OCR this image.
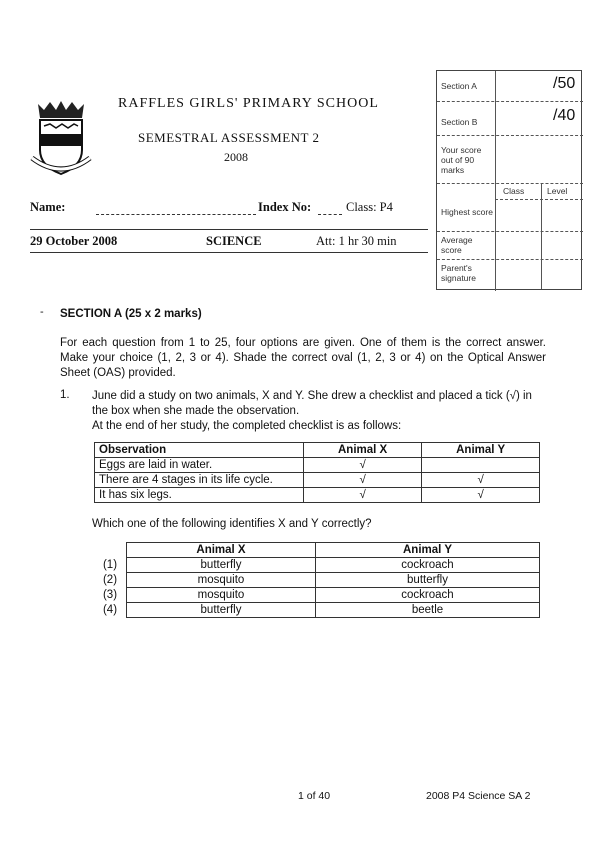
RAFFLES GIRLS' PRIMARY SCHOOL
SEMESTRAL ASSESSMENT 2
2008
Name:	Index No:	Class: P4
29 October 2008	SCIENCE	Att: 1 hr 30 min
Section A	/50
Section B	/40
Your score out of 90 marks
Class	Level
Highest score
Average score
Parent's signature
- SECTION A (25 x 2 marks)
For each question from 1 to 25, four options are given. One of them is the correct answer. Make your choice (1, 2, 3 or 4). Shade the correct oval (1, 2, 3 or 4) on the Optical Answer Sheet (OAS) provided.
1. June did a study on two animals, X and Y. She drew a checklist and placed a tick (√) in the box when she made the observation.
At the end of her study, the completed checklist is as follows:
Observation	Animal X	Animal Y
Eggs are laid in water.	√	
There are 4 stages in its life cycle.	√	√
It has six legs.	√	√
Which one of the following identifies X and Y correctly?
	Animal X	Animal Y
(1)	butterfly	cockroach
(2)	mosquito	butterfly
(3)	mosquito	cockroach
(4)	butterfly	beetle
1 of 40	2008 P4 Science SA 2
